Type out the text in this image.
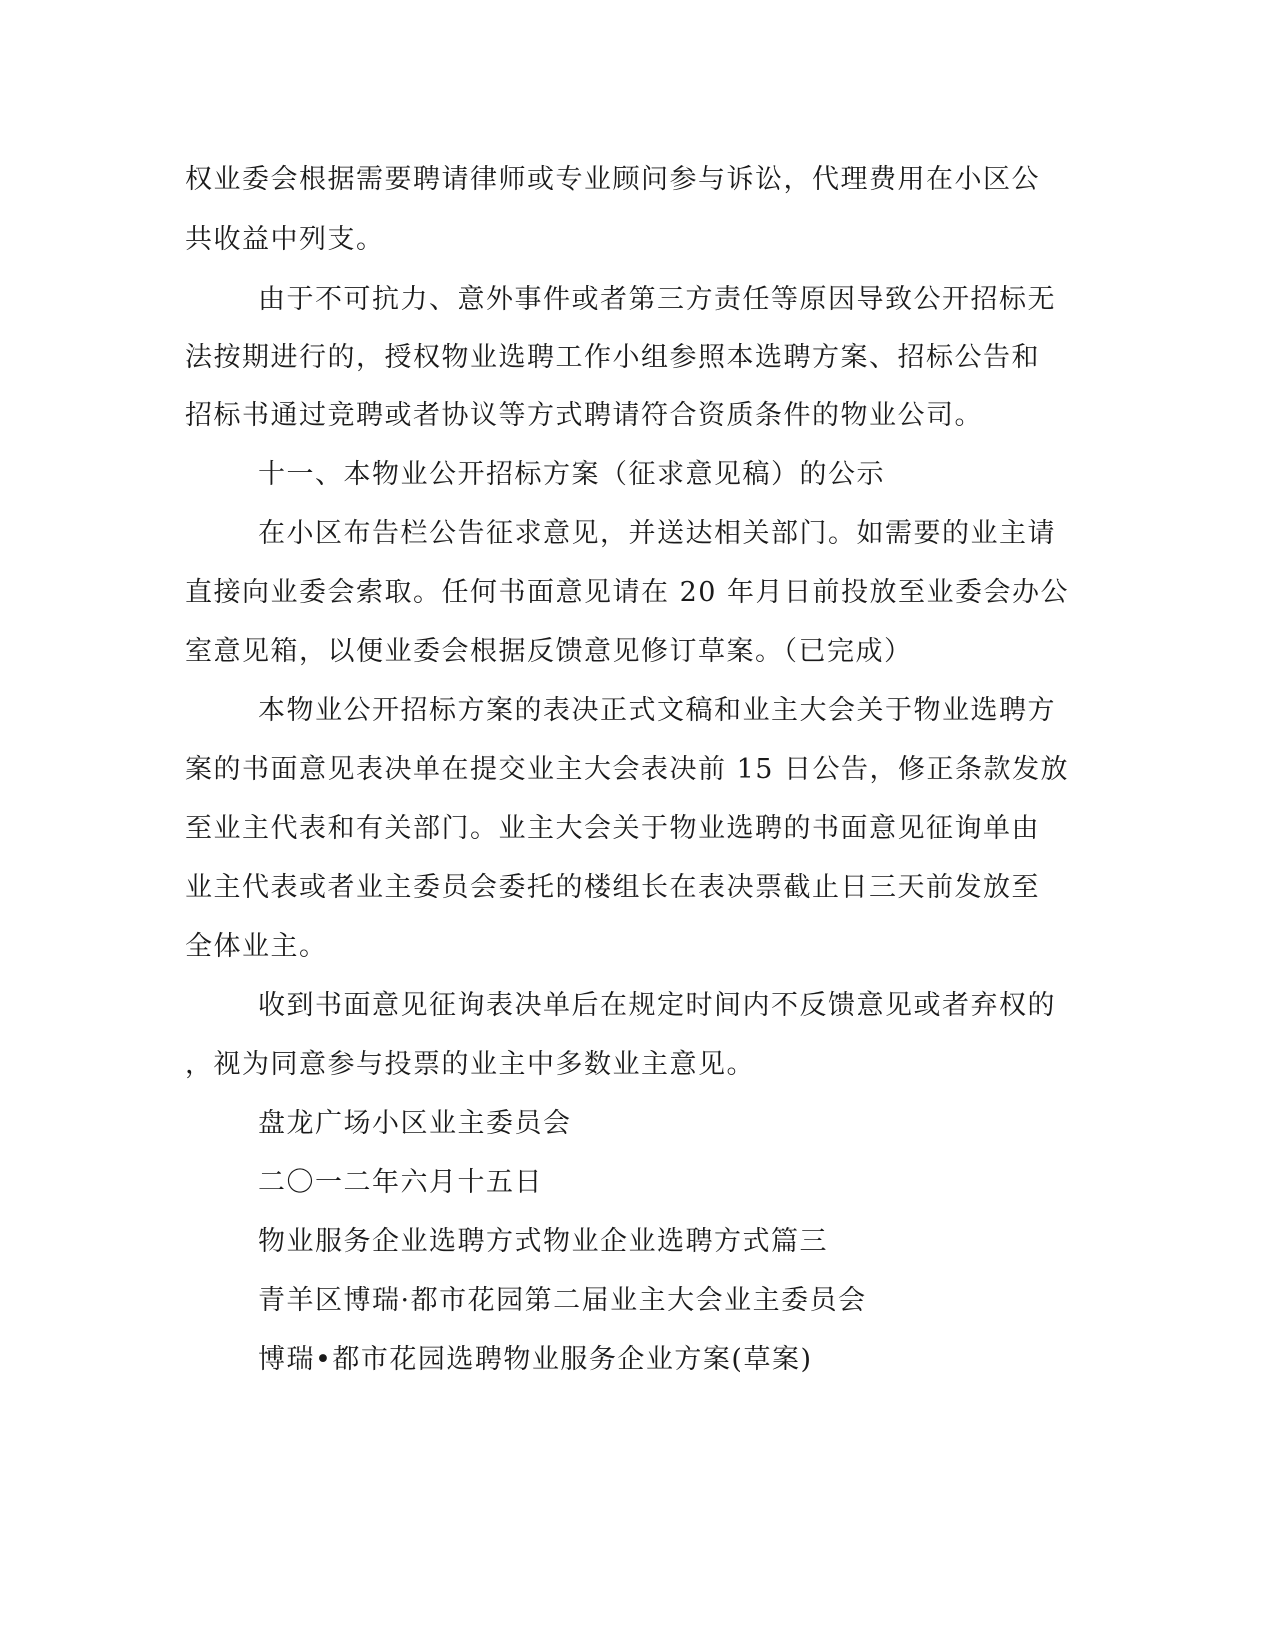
权业委会根据需要聘请律师或专业顾问参与诉讼，代理费用在小区公
共收益中列支。
由于不可抗力、意外事件或者第三方责任等原因导致公开招标无
法按期进行的，授权物业选聘工作小组参照本选聘方案、招标公告和
招标书通过竞聘或者协议等方式聘请符合资质条件的物业公司。
十一、本物业公开招标方案（征求意见稿）的公示
在小区布告栏公告征求意见，并送达相关部门。如需要的业主请
直接向业委会索取。任何书面意见请在 20 年月日前投放至业委会办公
室意见箱，以便业委会根据反馈意见修订草案。（已完成）
本物业公开招标方案的表决正式文稿和业主大会关于物业选聘方
案的书面意见表决单在提交业主大会表决前 15 日公告，修正条款发放
至业主代表和有关部门。业主大会关于物业选聘的书面意见征询单由
业主代表或者业主委员会委托的楼组长在表决票截止日三天前发放至
全体业主。
收到书面意见征询表决单后在规定时间内不反馈意见或者弃权的
，视为同意参与投票的业主中多数业主意见。
盘龙广场小区业主委员会
二〇一二年六月十五日
物业服务企业选聘方式物业企业选聘方式篇三
青羊区博瑞·都市花园第二届业主大会业主委员会
博瑞•都市花园选聘物业服务企业方案(草案)
